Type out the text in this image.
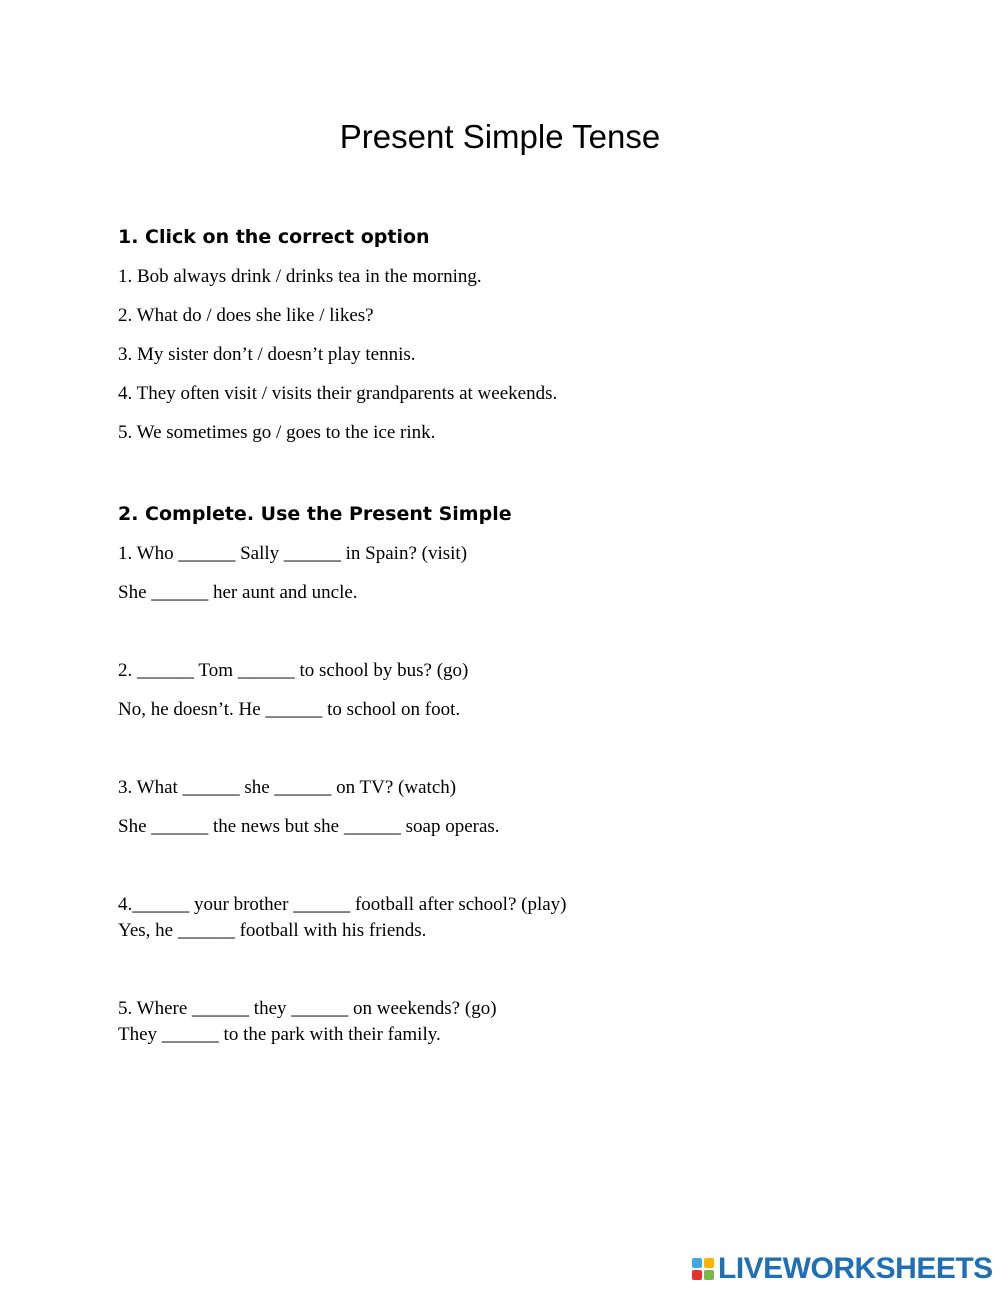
Present Simple Tense
1. Click on the correct option
1. Bob always drink / drinks tea in the morning.
2. What do / does she like / likes?
3. My sister don’t / doesn’t play tennis.
4. They often visit / visits their grandparents at weekends.
5. We sometimes go / goes to the ice rink.
2. Complete. Use the Present Simple
1. Who ______ Sally ______ in Spain? (visit)
She ______ her aunt and uncle.
2. ______ Tom ______ to school by bus? (go)
No, he doesn’t. He ______ to school on foot.
3. What ______ she ______ on TV? (watch)
She ______ the news but she ______ soap operas.
4.______ your brother ______ football after school? (play)
Yes, he ______ football with his friends.
5. Where ______ they ______ on weekends? (go)
They ______ to the park with their family.
LIVEWORKSHEETS
